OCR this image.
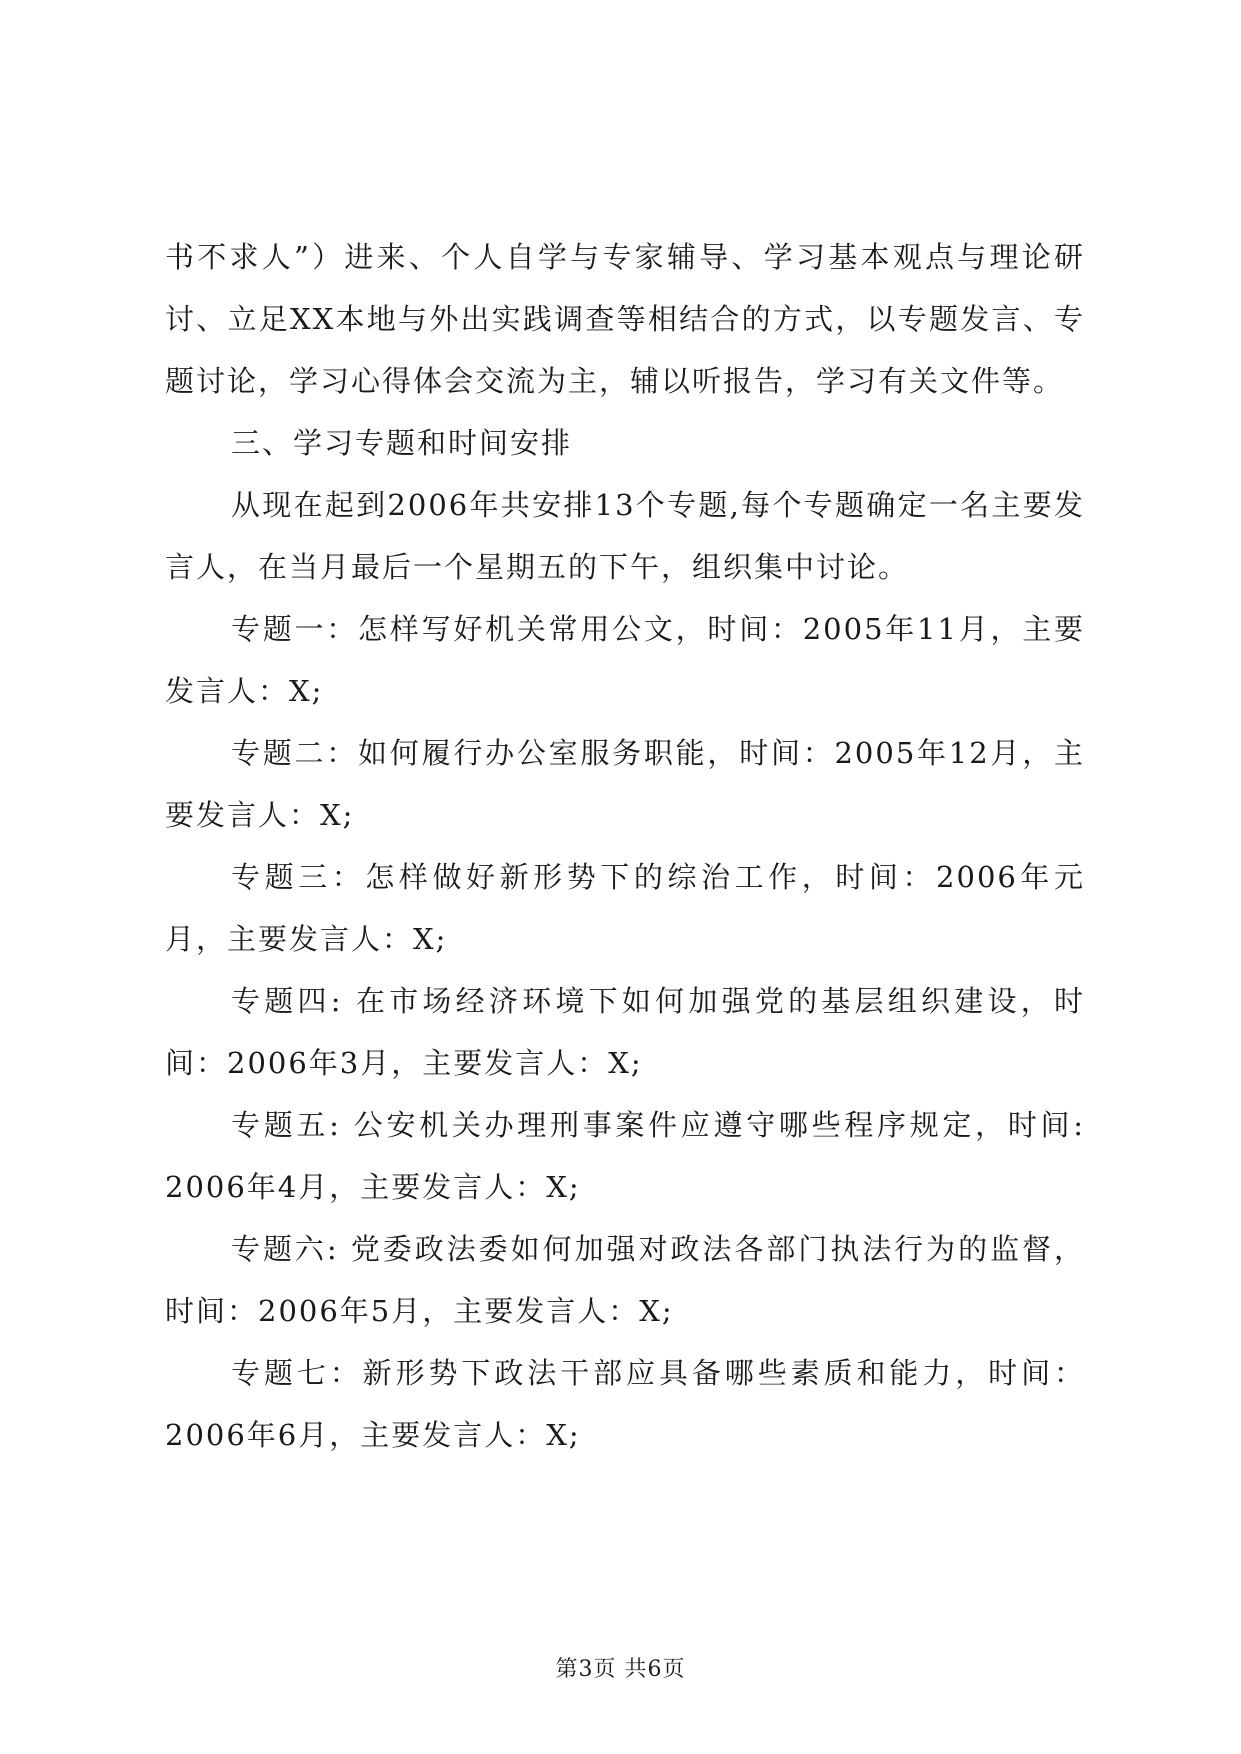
书不求人”）进来、个人自学与专家辅导、学习基本观点与理论研讨、立足XX本地与外出实践调查等相结合的方式，以专题发言、专题讨论，学习心得体会交流为主，辅以听报告，学习有关文件等。

三、学习专题和时间安排

从现在起到2006年共安排13个专题,每个专题确定一名主要发言人，在当月最后一个星期五的下午，组织集中讨论。

专题一：怎样写好机关常用公文，时间：2005年11月，主要发言人：X;

专题二：如何履行办公室服务职能，时间：2005年12月，主要发言人：X;

专题三：怎样做好新形势下的综治工作，时间：2006年元月，主要发言人：X;

专题四: 在市场经济环境下如何加强党的基层组织建设，时间：2006年3月，主要发言人：X;

专题五: 公安机关办理刑事案件应遵守哪些程序规定，时间: 2006年4月，主要发言人：X;

专题六: 党委政法委如何加强对政法各部门执法行为的监督，时间：2006年5月，主要发言人：X;

专题七：新形势下政法干部应具备哪些素质和能力，时间：2006年6月，主要发言人：X;

第3页 共6页
